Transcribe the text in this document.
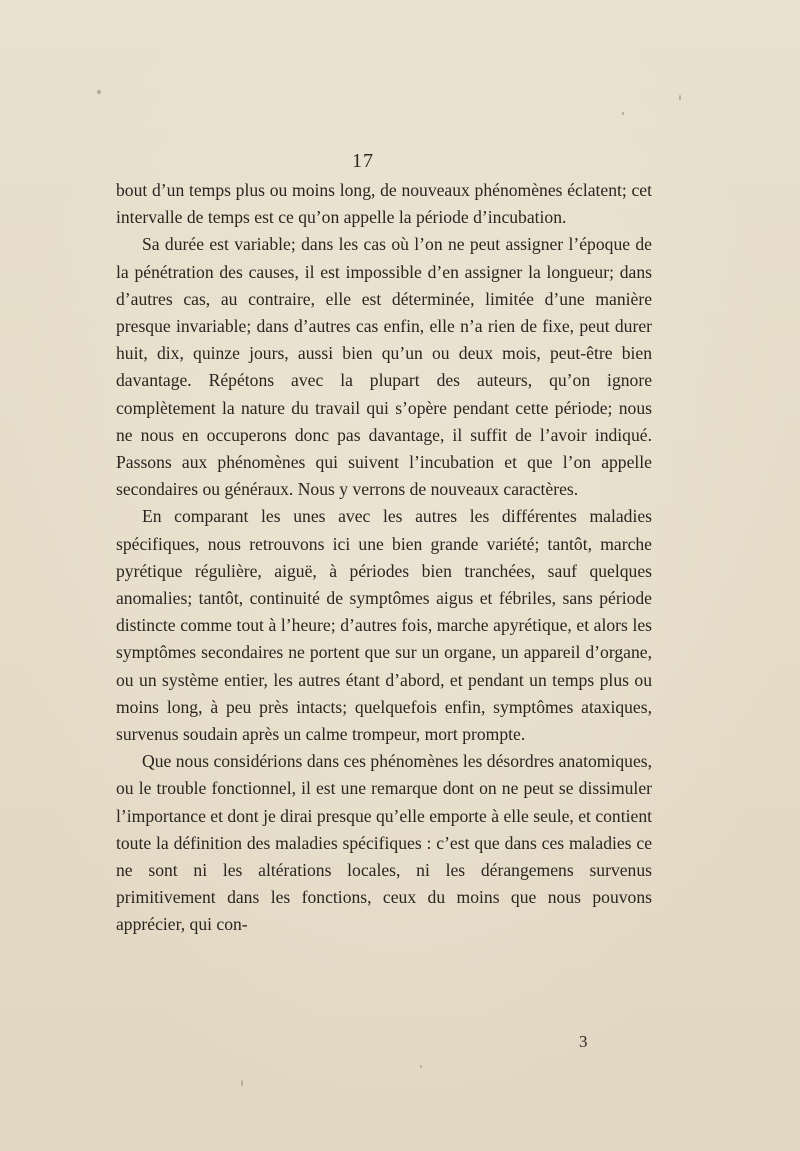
17

bout d’un temps plus ou moins long, de nouveaux phénomènes éclatent; cet intervalle de temps est ce qu’on appelle la période d’incubation.

Sa durée est variable; dans les cas où l’on ne peut assigner l’époque de la pénétration des causes, il est impossible d’en assigner la longueur; dans d’autres cas, au contraire, elle est déterminée, limitée d’une manière presque invariable; dans d’autres cas enfin, elle n’a rien de fixe, peut durer huit, dix, quinze jours, aussi bien qu’un ou deux mois, peut-être bien davantage. Répétons avec la plupart des auteurs, qu’on ignore complètement la nature du travail qui s’opère pendant cette période; nous ne nous en occuperons donc pas davantage, il suffit de l’avoir indiqué. Passons aux phénomènes qui suivent l’incubation et que l’on appelle secondaires ou généraux. Nous y verrons de nouveaux caractères.

En comparant les unes avec les autres les différentes maladies spécifiques, nous retrouvons ici une bien grande variété; tantôt, marche pyrétique régulière, aiguë, à périodes bien tranchées, sauf quelques anomalies; tantôt, continuité de symptômes aigus et fébriles, sans période distincte comme tout à l’heure; d’autres fois, marche apyrétique, et alors les symptômes secondaires ne portent que sur un organe, un appareil d’organe, ou un système entier, les autres étant d’abord, et pendant un temps plus ou moins long, à peu près intacts; quelquefois enfin, symptômes ataxiques, survenus soudain après un calme trompeur, mort prompte.

Que nous considérions dans ces phénomènes les désordres anatomiques, ou le trouble fonctionnel, il est une remarque dont on ne peut se dissimuler l’importance et dont je dirai presque qu’elle emporte à elle seule, et contient toute la définition des maladies spécifiques : c’est que dans ces maladies ce ne sont ni les altérations locales, ni les dérangemens survenus primitivement dans les fonctions, ceux du moins que nous pouvons apprécier, qui con-

3
